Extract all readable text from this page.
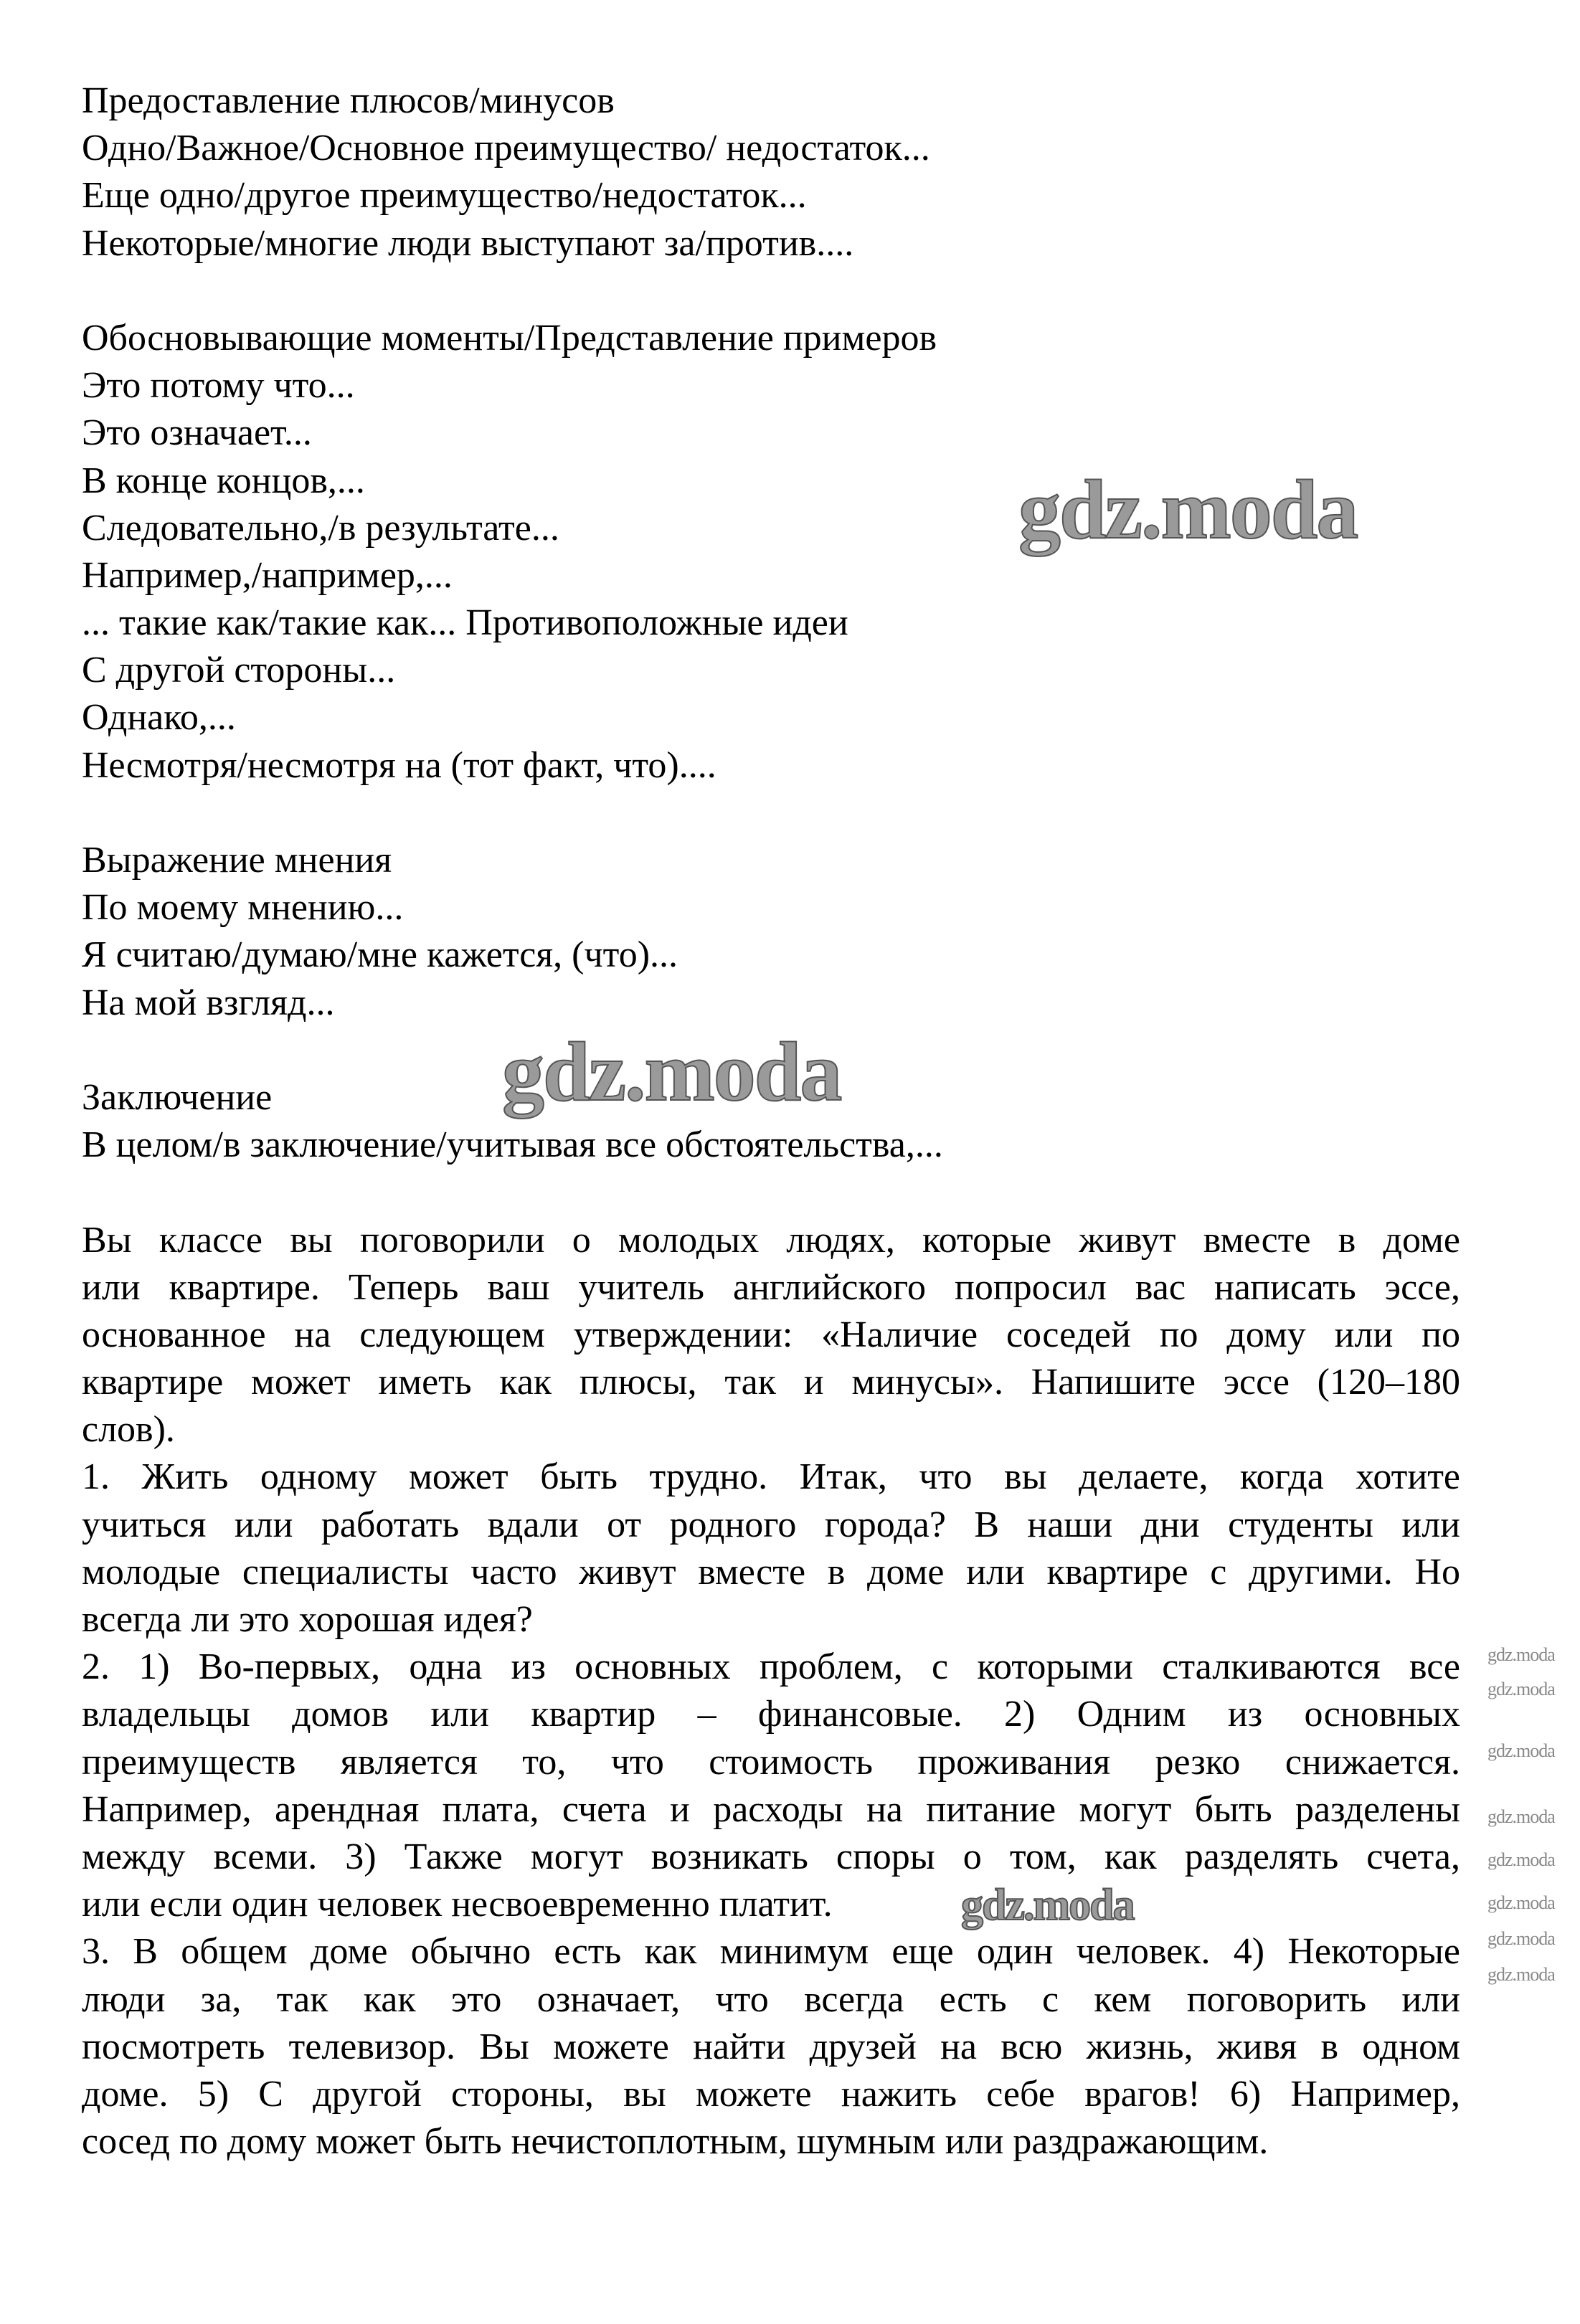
Предоставление плюсов/минусов
Одно/Важное/Основное преимущество/ недостаток...
Еще одно/другое преимущество/недостаток...
Некоторые/многие люди выступают за/против....
Обосновывающие моменты/Представление примеров
Это потому что...
Это означает...
В конце концов,...
Следовательно,/в результате...
Например,/например,...
... такие как/такие как... Противоположные идеи
С другой стороны...
Однако,...
Несмотря/несмотря на (тот факт, что)....
Выражение мнения
По моему мнению...
Я считаю/думаю/мне кажется, (что)...
На мой взгляд...
Заключение
В целом/в заключение/учитывая все обстоятельства,...
Вы классе вы поговорили о молодых людях, которые живут вместе в доме
или квартире. Теперь ваш учитель английского попросил вас написать эссе,
основанное на следующем утверждении: «Наличие соседей по дому или по
квартире может иметь как плюсы, так и минусы». Напишите эссе (120–180
слов).
1. Жить одному может быть трудно. Итак, что вы делаете, когда хотите
учиться или работать вдали от родного города? В наши дни студенты или
молодые специалисты часто живут вместе в доме или квартире с другими. Но
всегда ли это хорошая идея?
2. 1) Во-первых, одна из основных проблем, с которыми сталкиваются все
владельцы домов или квартир – финансовые. 2) Одним из основных
преимуществ является то, что стоимость проживания резко снижается.
Например, арендная плата, счета и расходы на питание могут быть разделены
между всеми. 3) Также могут возникать споры о том, как разделять счета,
или если один человек несвоевременно платит.
3. В общем доме обычно есть как минимум еще один человек. 4) Некоторые
люди за, так как это означает, что всегда есть с кем поговорить или
посмотреть телевизор. Вы можете найти друзей на всю жизнь, живя в одном
доме. 5) С другой стороны, вы можете нажить себе врагов! 6) Например,
сосед по дому может быть нечистоплотным, шумным или раздражающим.
gdz.moda
gdz.moda
gdz.moda
gdz.moda
gdz.moda
gdz.moda
gdz.moda
gdz.moda
gdz.moda
gdz.moda
gdz.moda
